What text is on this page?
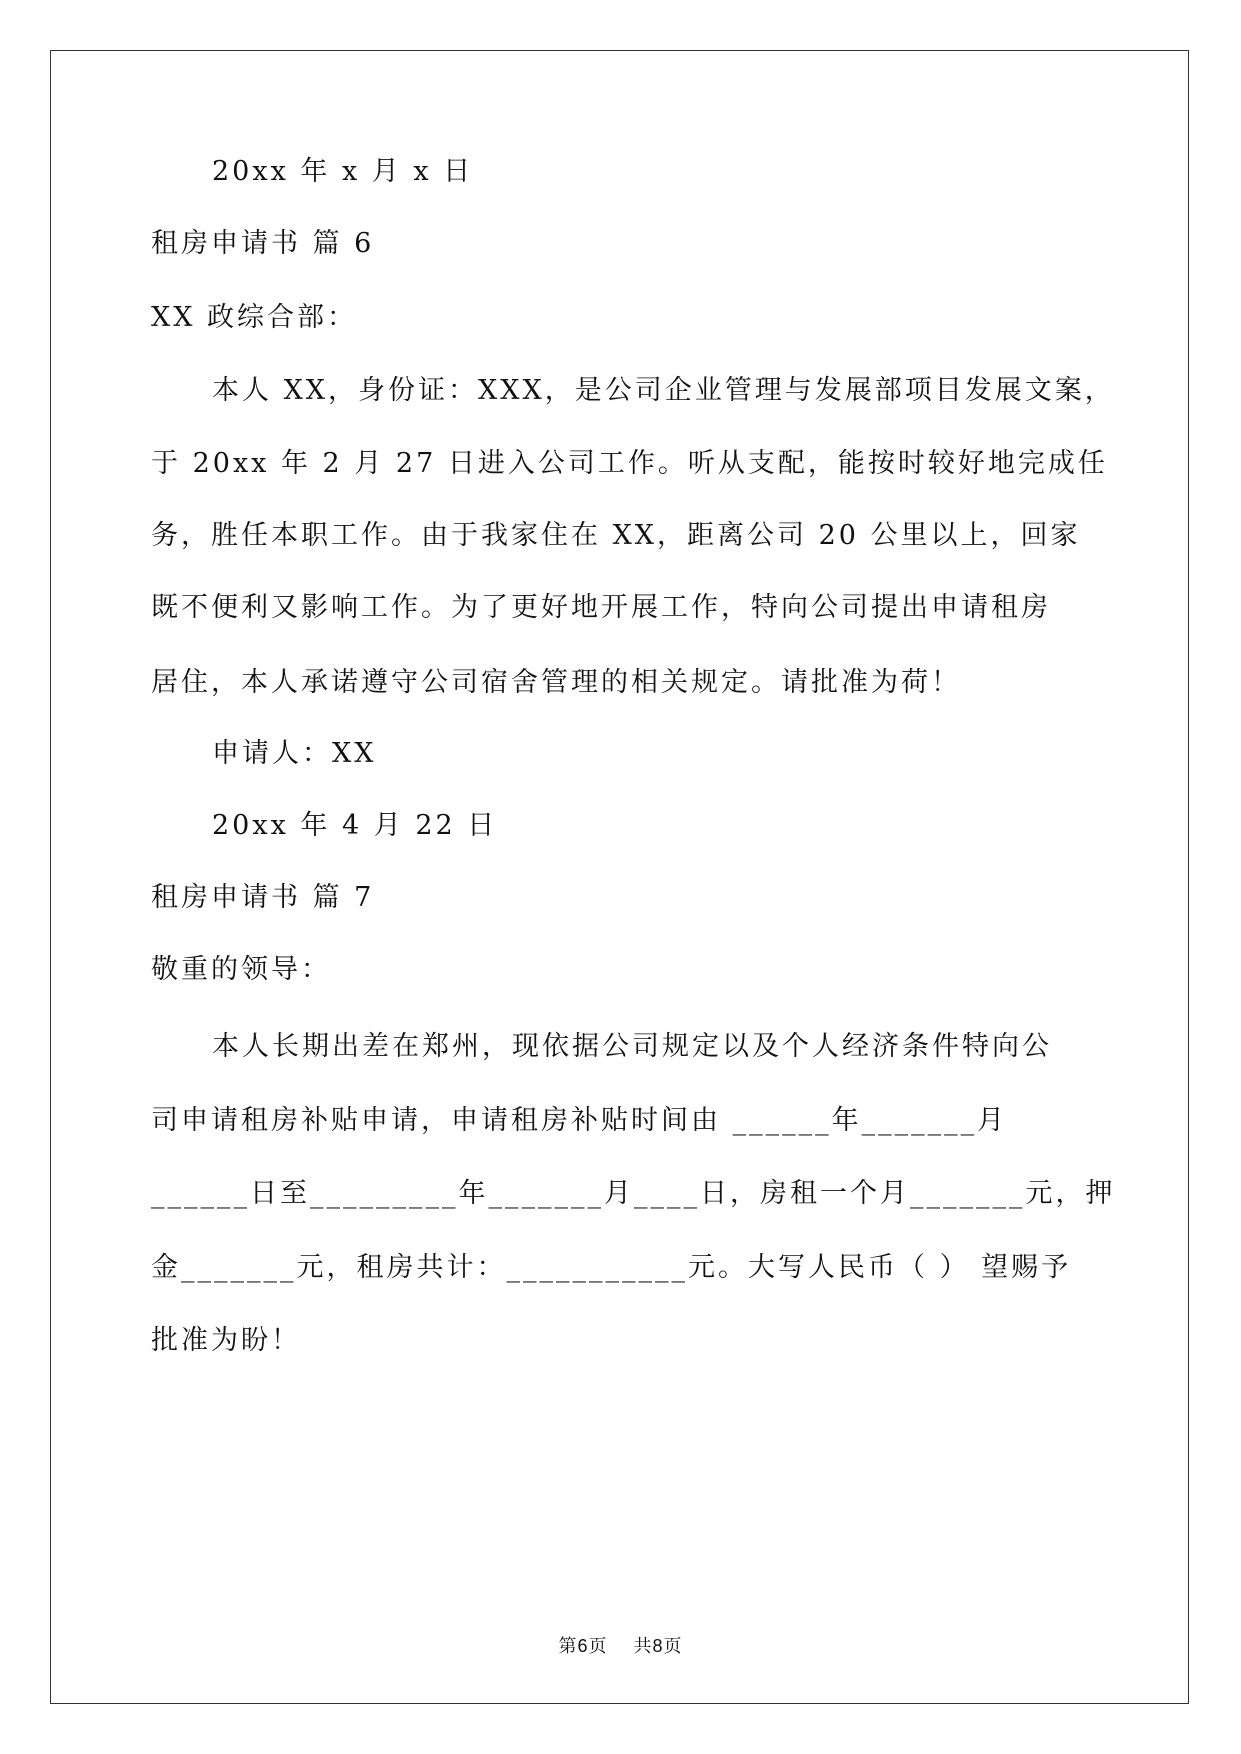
20xx 年 x 月 x 日
租房申请书 篇 6
XX 政综合部：
本人 XX，身份证：XXX，是公司企业管理与发展部项目发展文案，
于 20xx 年 2 月 27 日进入公司工作。听从支配，能按时较好地完成任
务，胜任本职工作。由于我家住在 XX，距离公司 20 公里以上，回家
既不便利又影响工作。为了更好地开展工作，特向公司提出申请租房
居住，本人承诺遵守公司宿舍管理的相关规定。请批准为荷！
申请人：XX
20xx 年 4 月 22 日
租房申请书 篇 7
敬重的领导：
本人长期出差在郑州，现依据公司规定以及个人经济条件特向公
司申请租房补贴申请，申请租房补贴时间由 ______年_______月
______日至_________年_______月____日，房租一个月_______元，押
金_______元，租房共计：___________元。大写人民币（ ） 望赐予
批准为盼！
第6页 共8页
